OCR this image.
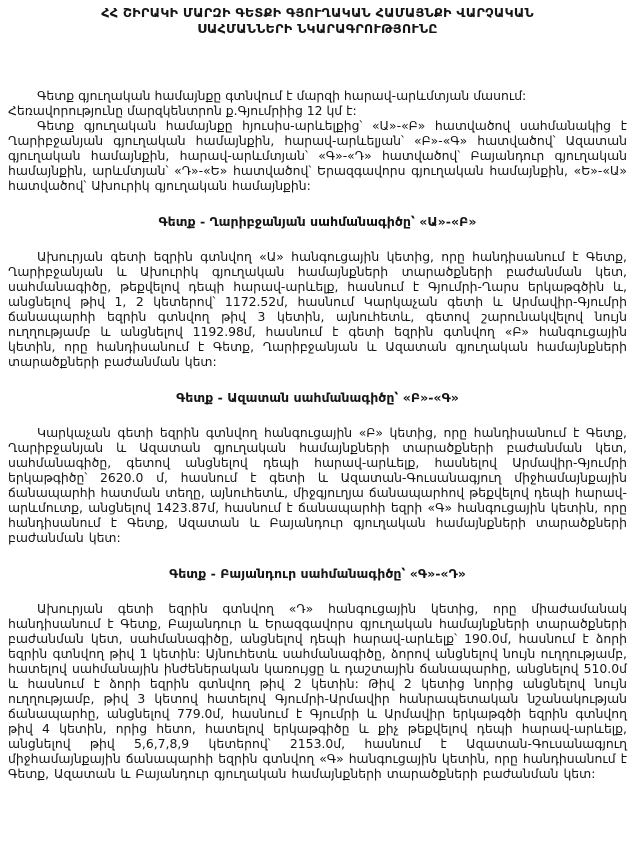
ՀՀ ՇԻՐԱԿԻ ՄԱՐԶԻ ԳԵՏՔԻ ԳՅՈՒՂԱԿԱՆ ՀԱՄԱՅՆՔԻ ՎԱՐՉԱԿԱՆ
ՍԱՀՄԱՆՆԵՐԻ ՆԿԱՐԱԳՐՈՒԹՅՈՒՆԸ

Գետք գյուղական համայնքը գտնվում է մարզի հարավ-արևմտյան մասում:

Հեռավորությունը մարզկենտրոն ք.Գյումրիից 12 կմ է:

Գետք գյուղական համայնքը հյուսիս-արևելքից՝ «Ա»-«Բ» հատվածով սահմանակից է Ղարիբջանյան գյուղական համայնքին, հարավ-արևելյան՝ «Բ»-«Գ» հատվածով՝ Ազատան գյուղական համայնքին, հարավ-արևմտյան՝ «Գ»-«Դ» հատվածով՝ Բայանդուր գյուղական համայնքին, արևմտյան՝ «Դ»-«Ե» հատվածով՝ Երազգավորս գյուղական համայնքին, «Ե»-«Ա» հատվածով՝ Ախուրիկ գյուղական համայնքին:

Գետք - Ղարիբջանյան սահմանագիծը՝ «Ա»-«Բ»

Ախուրյան գետի եզրին գտնվող «Ա» հանգուցային կետից, որը հանդիսանում է Գետք, Ղարիբջանյան և Ախուրիկ գյուղական համայնքների տարածքների բաժանման կետ, սահմանագիծը, թեքվելով դեպի հարավ-արևելք, հասնում է Գյումրի-Ղարս երկաթգծին և, անցնելով թիվ 1, 2 կետերով՝ 1172.52մ, հասնում Կարկաչան գետի և Արմավիր-Գյումրի ճանապարհի եզրին գտնվող թիվ 3 կետին, այնուհետև, գետով շարունակվելով նույն ուղղությամբ և անցնելով 1192.98մ, հասնում է գետի եզրին գտնվող «Բ» հանգուցային կետին, որը հանդիսանում է Գետք, Ղարիբջանյան և Ազատան գյուղական համայնքների տարածքների բաժանման կետ:

Գետք - Ազատան սահմանագիծը՝ «Բ»-«Գ»

Կարկաչան գետի եզրին գտնվող հանգուցային «Բ» կետից, որը հանդիսանում է Գետք, Ղարիբջանյան և Ազատան գյուղական համայնքների տարածքների բաժանման կետ, սահմանագիծը, գետով անցնելով դեպի հարավ-արևելք, հասնելով Արմավիր-Գյումրի երկաթգիծը՝ 2620.0 մ, հասնում է գետի և Ազատան-Գուսանագյուղ միջհամայնքային ճանապարհի հատման տեղը, այնուհետև, միջգյուղյա ճանապարհով թեքվելով դեպի հարավ-արևմուտք, անցնելով 1423.87մ, հասնում է ճանապարհի եզրի «Գ» հանգուցային կետին, որը հանդիսանում է Գետք, Ազատան և Բայանդուր գյուղական համայնքների տարածքների բաժանման կետ:

Գետք - Բայանդուր սահմանագիծը՝ «Գ»-«Դ»

Ախուրյան գետի եզրին գտնվող «Դ» հանգուցային կետից, որը միաժամանակ հանդիսանում է Գետք, Բայանդուր և Երազգավորս գյուղական համայնքների տարածքների բաժանման կետ, սահմանագիծը, անցնելով դեպի հարավ-արևելք՝ 190.0մ, հասնում է ձորի եզրին գտնվող թիվ 1 կետին: Այնուհետև սահմանագիծը, ձորով անցնելով նույն ուղղությամբ, հատելով սահմանային ինժեներական կառույցը և դաշտային ճանապարհը, անցնելով 510.0մ և հասնում է ձորի եզրին գտնվող թիվ 2 կետին: Թիվ 2 կետից նորից անցնելով նույն ուղղությամբ, թիվ 3 կետով հատելով Գյումրի-Արմավիր հանրապետական նշանակության ճանապարհը, անցնելով 779.0մ, հասնում է Գյումրի և Արմավիր երկաթգծի եզրին գտնվող թիվ 4 կետին, որից հետո, հատելով երկաթգիծը և քիչ թեքվելով դեպի հարավ-արևելք, անցնելով թիվ 5,6,7,8,9 կետերով՝ 2153.0մ, հասնում է Ազատան-Գուսանագյուղ միջհամայնքային ճանապարհի եզրին գտնվող «Գ» հանգուցային կետին, որը հանդիսանում է Գետք, Ազատան և Բայանդուր գյուղական համայնքների տարածքների բաժանման կետ:
